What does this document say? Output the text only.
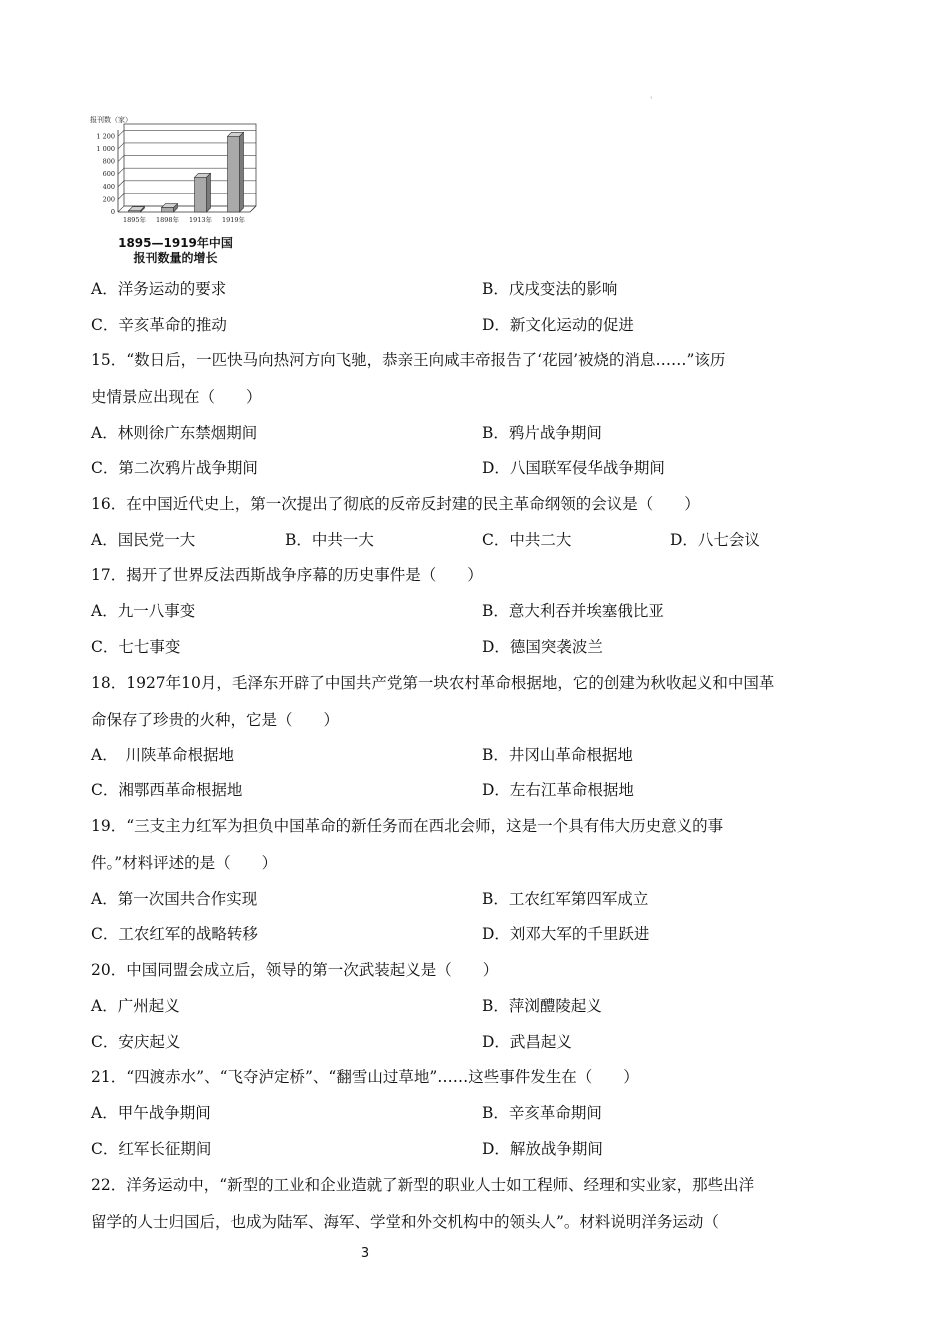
ˈ
报刊数（家）
0
200
400
600
800
1 000
1 200
1895年 1898年 1913年 1919年
1895—1919年中国
报刊数量的增长
A．洋务运动的要求	B．戊戌变法的影响
C．辛亥革命的推动	D．新文化运动的促进
15．“数日后，一匹快马向热河方向飞驰，恭亲王向咸丰帝报告了‘花园’被烧的消息……”该历
史情景应出现在（　　）
A．林则徐广东禁烟期间	B．鸦片战争期间
C．第二次鸦片战争期间	D．八国联军侵华战争期间
16．在中国近代史上，第一次提出了彻底的反帝反封建的民主革命纲领的会议是（　　）
A．国民党一大	B．中共一大	C．中共二大	D．八七会议
17．揭开了世界反法西斯战争序幕的历史事件是（　　）
A．九一八事变	B．意大利吞并埃塞俄比亚
C．七七事变	D．德国突袭波兰
18．1927年10月，毛泽东开辟了中国共产党第一块农村革命根据地，它的创建为秋收起义和中国革
命保存了珍贵的火种，它是（　　）
A．　川陕革命根据地	B．井冈山革命根据地
C．湘鄂西革命根据地	D．左右江革命根据地
19．“三支主力红军为担负中国革命的新任务而在西北会师，这是一个具有伟大历史意义的事
件。”材料评述的是（　　）
A．第一次国共合作实现	B．工农红军第四军成立
C．工农红军的战略转移	D．刘邓大军的千里跃进
20．中国同盟会成立后，领导的第一次武装起义是（　　）
A．广州起义	B．萍浏醴陵起义
C．安庆起义	D．武昌起义
21．“四渡赤水”、“飞夺泸定桥”、“翻雪山过草地”……这些事件发生在（　　）
A．甲午战争期间	B．辛亥革命期间
C．红军长征期间	D．解放战争期间
22．洋务运动中，“新型的工业和企业造就了新型的职业人士如工程师、经理和实业家，那些出洋
留学的人士归国后，也成为陆军、海军、学堂和外交机构中的领头人”。材料说明洋务运动（
3
